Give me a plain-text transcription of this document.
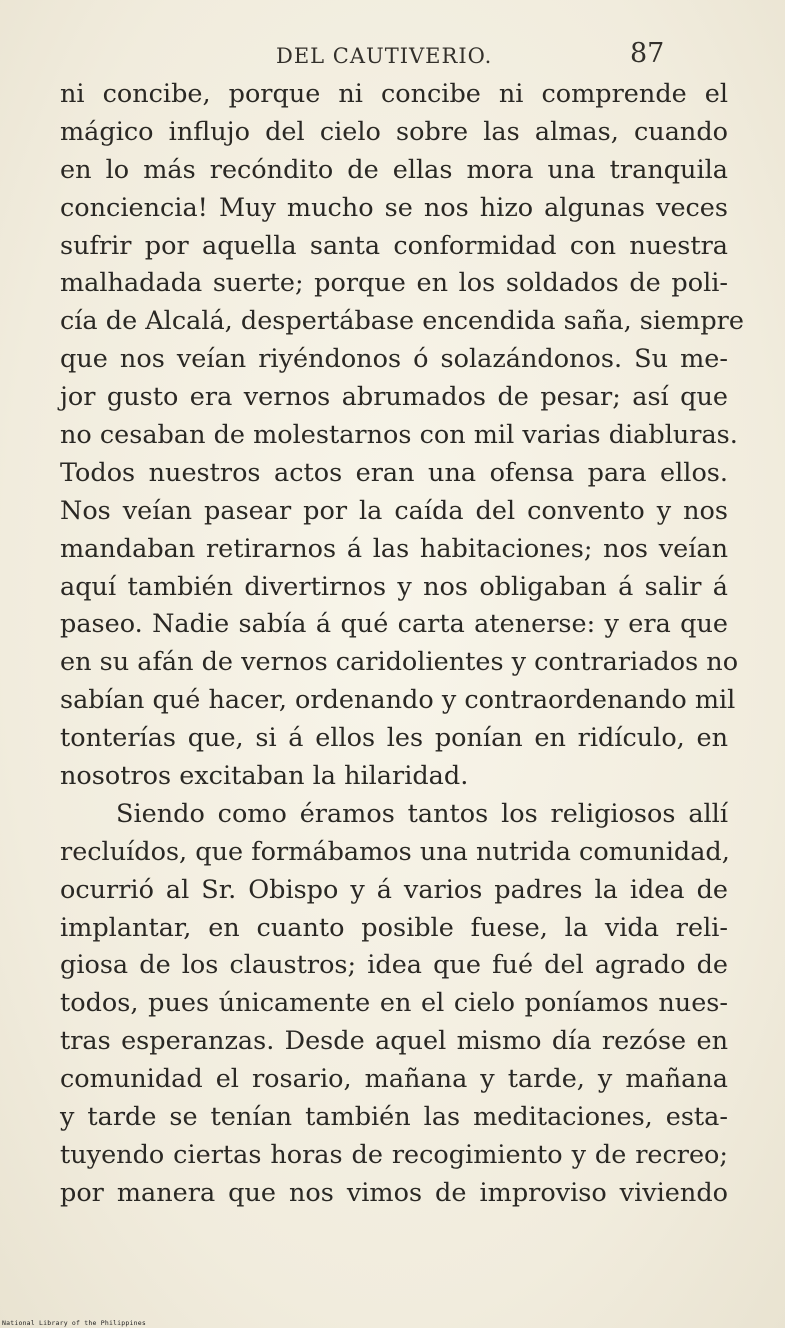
DEL CAUTIVERIO.	87
ni concibe, porque ni concibe ni comprende el
mágico influjo del cielo sobre las almas, cuando
en lo más recóndito de ellas mora una tranquila
conciencia! Muy mucho se nos hizo algunas veces
sufrir por aquella santa conformidad con nuestra
malhadada suerte; porque en los soldados de poli-
cía de Alcalá, despertábase encendida saña, siempre
que nos veían riyéndonos ó solazándonos. Su me-
jor gusto era vernos abrumados de pesar; así que
no cesaban de molestarnos con mil varias diabluras.
Todos nuestros actos eran una ofensa para ellos.
Nos veían pasear por la caída del convento y nos
mandaban retirarnos á las habitaciones; nos veían
aquí también divertirnos y nos obligaban á salir á
paseo. Nadie sabía á qué carta atenerse: y era que
en su afán de vernos caridolientes y contrariados no
sabían qué hacer, ordenando y contraordenando mil
tonterías que, si á ellos les ponían en ridículo, en
nosotros excitaban la hilaridad.
Siendo como éramos tantos los religiosos allí
recluídos, que formábamos una nutrida comunidad,
ocurrió al Sr. Obispo y á varios padres la idea de
implantar, en cuanto posible fuese, la vida reli-
giosa de los claustros; idea que fué del agrado de
todos, pues únicamente en el cielo poníamos nues-
tras esperanzas. Desde aquel mismo día rezóse en
comunidad el rosario, mañana y tarde, y mañana
y tarde se tenían también las meditaciones, esta-
tuyendo ciertas horas de recogimiento y de recreo;
por manera que nos vimos de improviso viviendo
National Library of the Philippines
